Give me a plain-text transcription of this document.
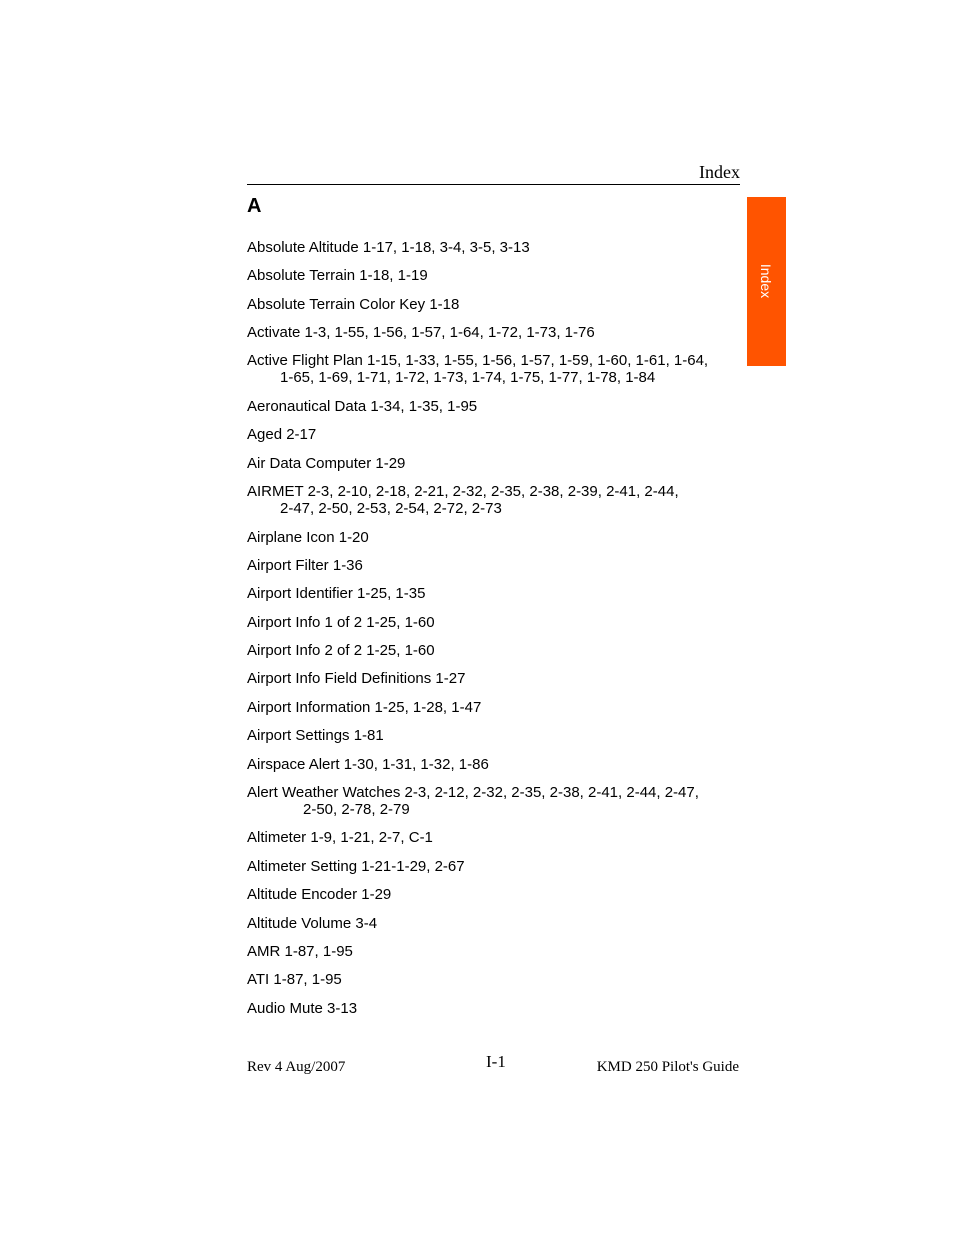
Index
Index
A
Absolute Altitude 1-17, 1-18, 3-4, 3-5, 3-13
Absolute Terrain 1-18, 1-19
Absolute Terrain Color Key 1-18
Activate 1-3, 1-55, 1-56, 1-57, 1-64, 1-72, 1-73, 1-76
Active Flight Plan 1-15, 1-33, 1-55, 1-56, 1-57, 1-59, 1-60, 1-61, 1-64,
1-65, 1-69, 1-71, 1-72, 1-73, 1-74, 1-75, 1-77, 1-78, 1-84
Aeronautical Data 1-34, 1-35, 1-95
Aged 2-17
Air Data Computer 1-29
AIRMET 2-3, 2-10, 2-18, 2-21, 2-32, 2-35, 2-38, 2-39, 2-41, 2-44,
2-47, 2-50, 2-53, 2-54, 2-72, 2-73
Airplane Icon 1-20
Airport Filter 1-36
Airport Identifier 1-25, 1-35
Airport Info 1 of 2 1-25, 1-60
Airport Info 2 of 2 1-25, 1-60
Airport Info Field Definitions 1-27
Airport Information 1-25, 1-28, 1-47
Airport Settings 1-81
Airspace Alert 1-30, 1-31, 1-32, 1-86
Alert Weather Watches 2-3, 2-12, 2-32, 2-35, 2-38, 2-41, 2-44, 2-47,
2-50, 2-78, 2-79
Altimeter 1-9, 1-21, 2-7, C-1
Altimeter Setting 1-21-1-29, 2-67
Altitude Encoder 1-29
Altitude Volume 3-4
AMR 1-87, 1-95
ATI 1-87, 1-95
Audio Mute 3-13
Rev 4 Aug/2007	I-1	KMD 250 Pilot's Guide
